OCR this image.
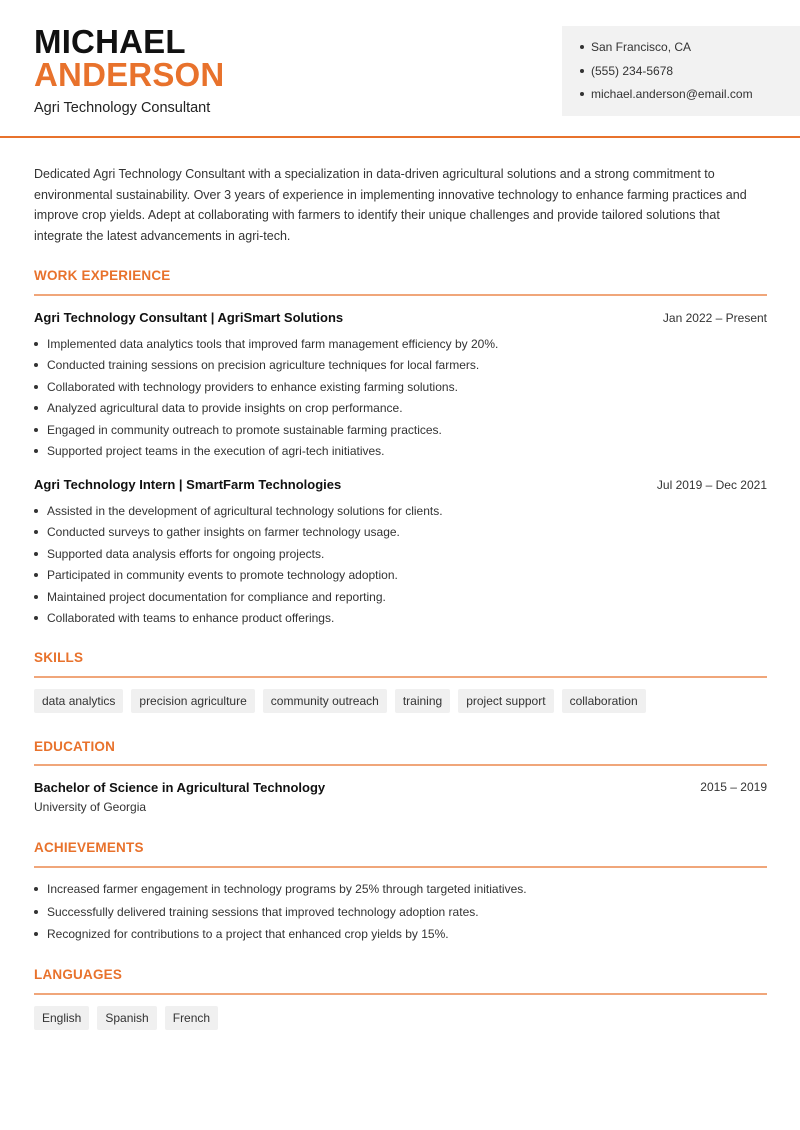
MICHAEL
ANDERSON
Agri Technology Consultant
San Francisco, CA
(555) 234-5678
michael.anderson@email.com

Dedicated Agri Technology Consultant with a specialization in data-driven agricultural solutions and a strong commitment to environmental sustainability. Over 3 years of experience in implementing innovative technology to enhance farming practices and improve crop yields. Adept at collaborating with farmers to identify their unique challenges and provide tailored solutions that integrate the latest advancements in agri-tech.

WORK EXPERIENCE
Agri Technology Consultant | AgriSmart Solutions	Jan 2022 – Present
Implemented data analytics tools that improved farm management efficiency by 20%.
Conducted training sessions on precision agriculture techniques for local farmers.
Collaborated with technology providers to enhance existing farming solutions.
Analyzed agricultural data to provide insights on crop performance.
Engaged in community outreach to promote sustainable farming practices.
Supported project teams in the execution of agri-tech initiatives.
Agri Technology Intern | SmartFarm Technologies	Jul 2019 – Dec 2021
Assisted in the development of agricultural technology solutions for clients.
Conducted surveys to gather insights on farmer technology usage.
Supported data analysis efforts for ongoing projects.
Participated in community events to promote technology adoption.
Maintained project documentation for compliance and reporting.
Collaborated with teams to enhance product offerings.
SKILLS
data analytics	precision agriculture	community outreach	training	project support	collaboration
EDUCATION
Bachelor of Science in Agricultural Technology	2015 – 2019
University of Georgia
ACHIEVEMENTS
Increased farmer engagement in technology programs by 25% through targeted initiatives.
Successfully delivered training sessions that improved technology adoption rates.
Recognized for contributions to a project that enhanced crop yields by 15%.
LANGUAGES
English	Spanish	French
